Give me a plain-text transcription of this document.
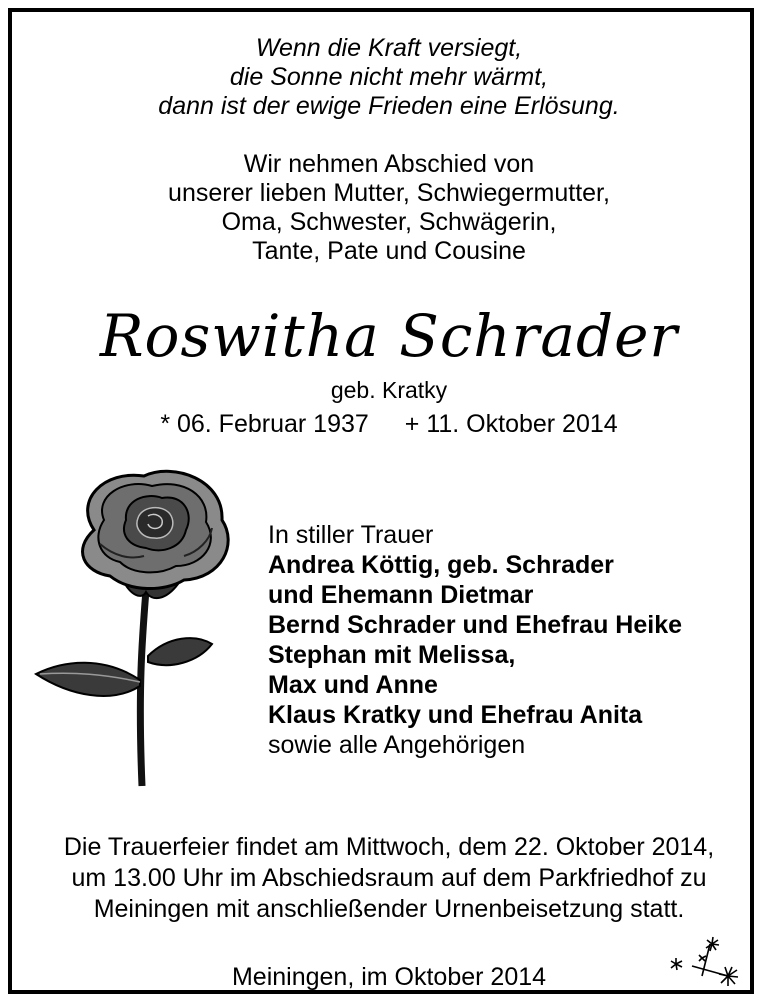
Wenn die Kraft versiegt,
die Sonne nicht mehr wärmt,
dann ist der ewige Frieden eine Erlösung.
Wir nehmen Abschied von
unserer lieben Mutter, Schwiegermutter,
Oma, Schwester, Schwägerin,
Tante, Pate und Cousine
Roswitha Schrader
geb. Kratky
* 06. Februar 1937 + 11. Oktober 2014
In stiller Trauer
Andrea Köttig, geb. Schrader
und Ehemann Dietmar
Bernd Schrader und Ehefrau Heike
Stephan mit Melissa,
Max und Anne
Klaus Kratky und Ehefrau Anita
sowie alle Angehörigen
Die Trauerfeier findet am Mittwoch, dem 22. Oktober 2014,
um 13.00 Uhr im Abschiedsraum auf dem Parkfriedhof zu
Meiningen mit anschließender Urnenbeisetzung statt.
Meiningen, im Oktober 2014
